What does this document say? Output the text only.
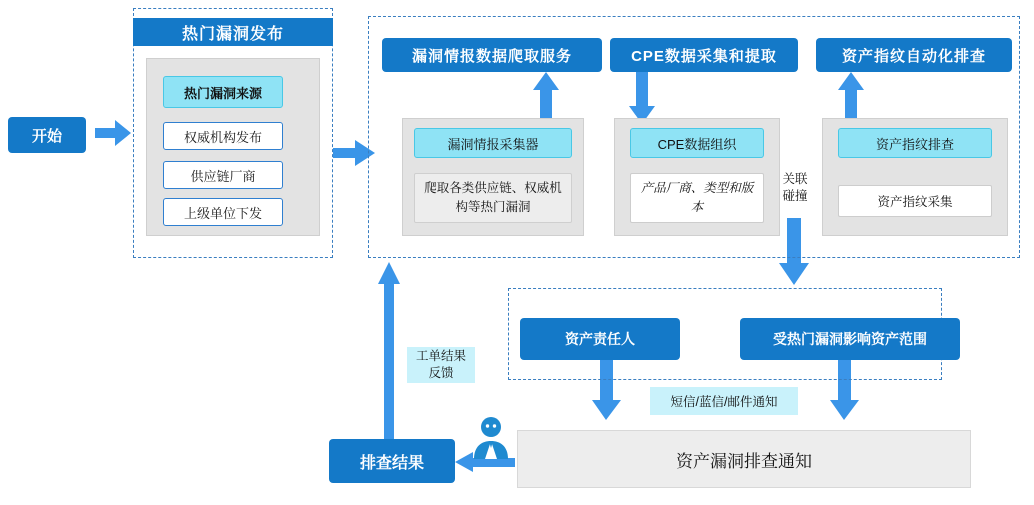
开始
热门漏洞发布
热门漏洞来源
权威机构发布
供应链厂商
上级单位下发
漏洞情报数据爬取服务
漏洞情报采集器
爬取各类供应链、权威机构等热门漏洞
CPE数据采集和提取
CPE数据组织
产品厂商、类型和版本
关联碰撞
资产指纹自动化排查
资产指纹排查
资产指纹采集
资产责任人	受热门漏洞影响资产范围
短信/蓝信/邮件通知
资产漏洞排查通知
排查结果
工单结果反馈
